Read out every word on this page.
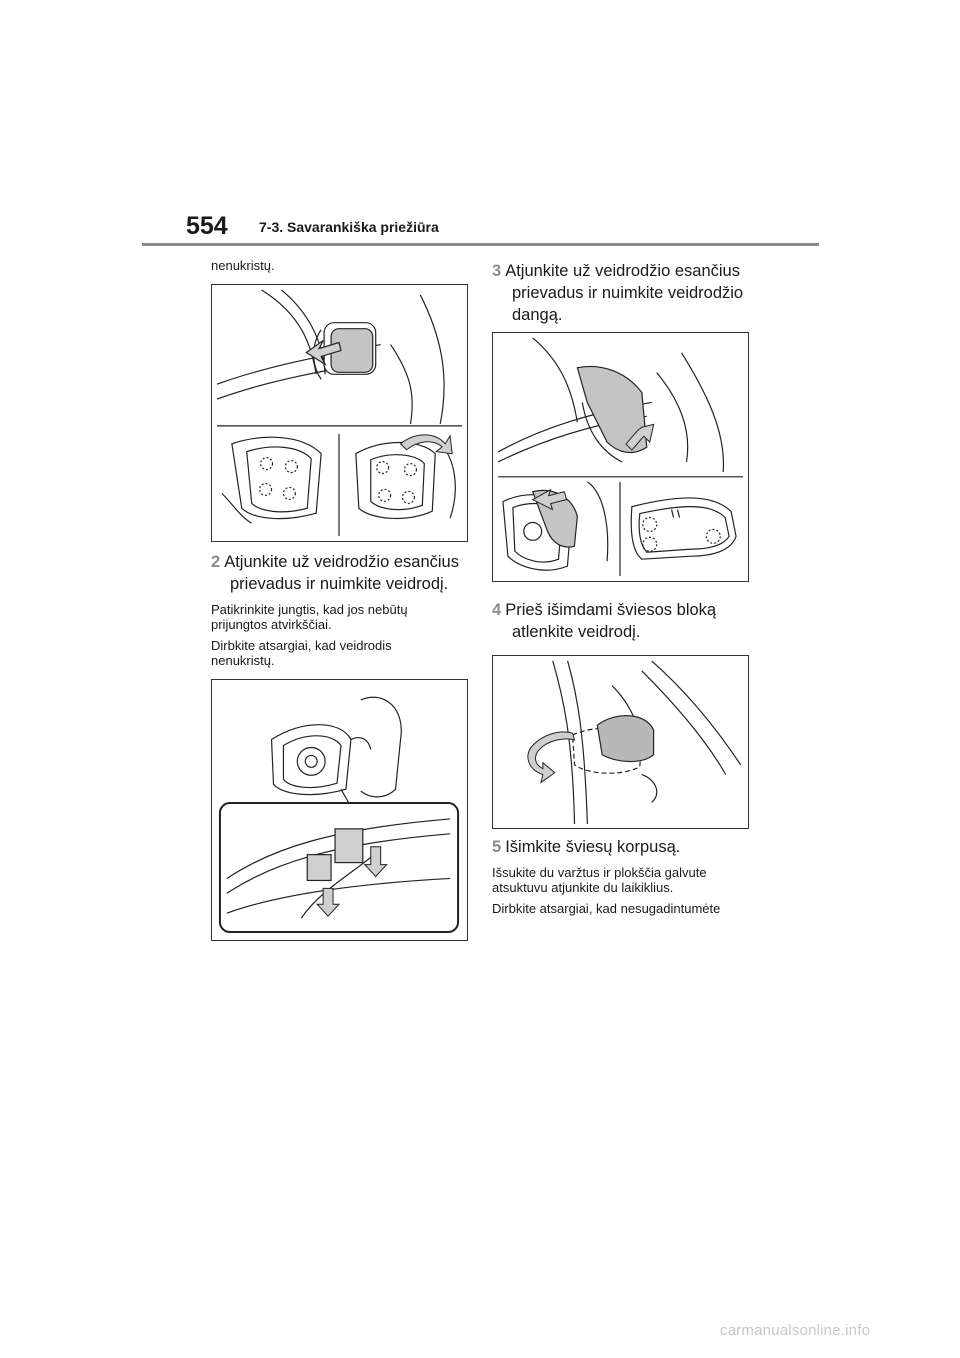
554 7-3. Savarankiška priežiūra
nenukristų.
2 Atjunkite už veidrodžio esančius
prievadus ir nuimkite veidrodį.
Patikrinkite jungtis, kad jos nebūtų
prijungtos atvirkščiai.
Dirbkite atsargiai, kad veidrodis
nenukristų.
3 Atjunkite už veidrodžio esančius
prievadus ir nuimkite veidrodžio
dangą.
4 Prieš išimdami šviesos bloką
atlenkite veidrodį.
5 Išimkite šviesų korpusą.
Išsukite du varžtus ir plokščia galvute
atsuktuvu atjunkite du laikiklius.
Dirbkite atsargiai, kad nesugadintumėte
carmanualsonline.info
